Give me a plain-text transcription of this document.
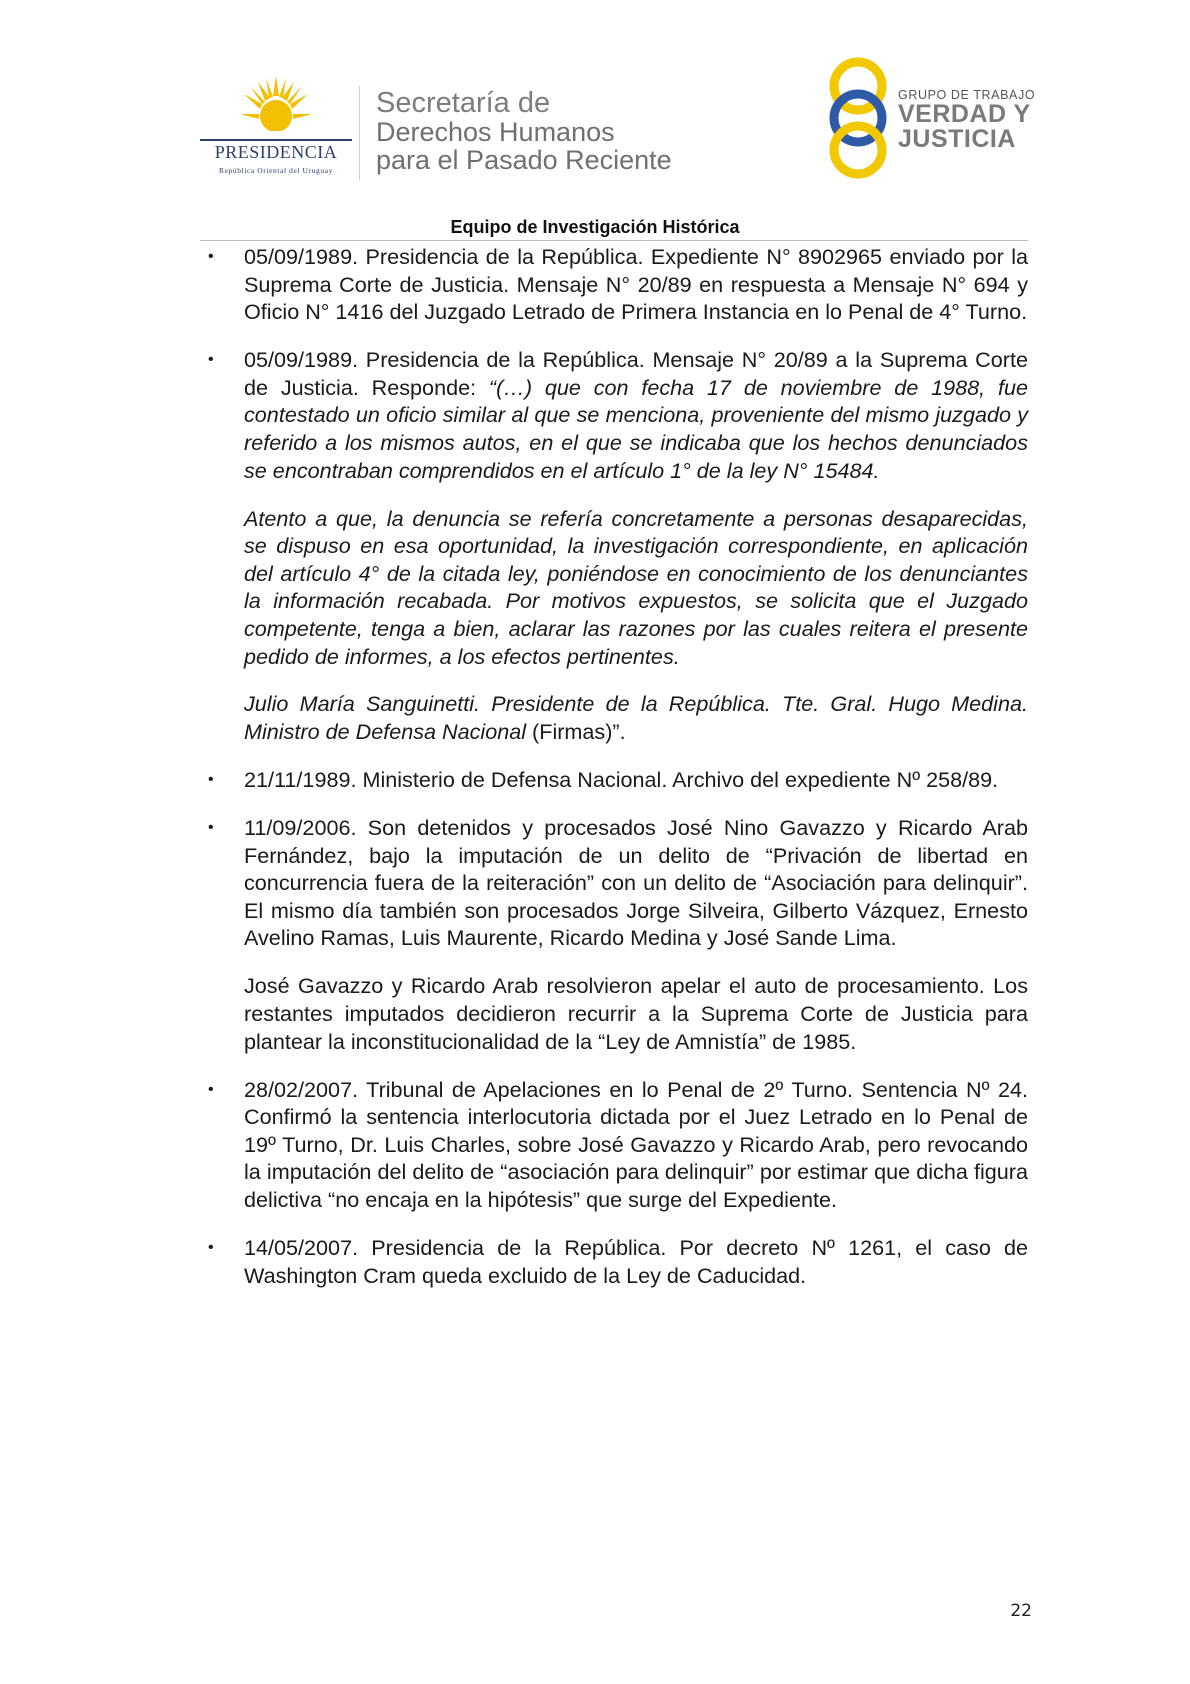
PRESIDENCIA
República Oriental del Uruguay
Secretaría de
Derechos Humanos
para el Pasado Reciente
GRUPO DE TRABAJO
VERDAD Y
JUSTICIA
Equipo de Investigación Histórica
• 05/09/1989. Presidencia de la República. Expediente N° 8902965 enviado por la Suprema Corte de Justicia. Mensaje N° 20/89 en respuesta a Mensaje N° 694 y Oficio N° 1416 del Juzgado Letrado de Primera Instancia en lo Penal de 4° Turno.

• 05/09/1989. Presidencia de la República. Mensaje N° 20/89 a la Suprema Corte de Justicia. Responde: “(…) que con fecha 17 de noviembre de 1988, fue contestado un oficio similar al que se menciona, proveniente del mismo juzgado y referido a los mismos autos, en el que se indicaba que los hechos denunciados se encontraban comprendidos en el artículo 1° de la ley N° 15484.

Atento a que, la denuncia se refería concretamente a personas desaparecidas, se dispuso en esa oportunidad, la investigación correspondiente, en aplicación del artículo 4° de la citada ley, poniéndose en conocimiento de los denunciantes la información recabada. Por motivos expuestos, se solicita que el Juzgado competente, tenga a bien, aclarar las razones por las cuales reitera el presente pedido de informes, a los efectos pertinentes.

Julio María Sanguinetti. Presidente de la República. Tte. Gral. Hugo Medina. Ministro de Defensa Nacional (Firmas)”.

• 21/11/1989. Ministerio de Defensa Nacional. Archivo del expediente Nº 258/89.

• 11/09/2006. Son detenidos y procesados José Nino Gavazzo y Ricardo Arab Fernández, bajo la imputación de un delito de “Privación de libertad en concurrencia fuera de la reiteración” con un delito de “Asociación para delinquir”. El mismo día también son procesados Jorge Silveira, Gilberto Vázquez, Ernesto Avelino Ramas, Luis Maurente, Ricardo Medina y José Sande Lima.

José Gavazzo y Ricardo Arab resolvieron apelar el auto de procesamiento. Los restantes imputados decidieron recurrir a la Suprema Corte de Justicia para plantear la inconstitucionalidad de la “Ley de Amnistía” de 1985.

• 28/02/2007. Tribunal de Apelaciones en lo Penal de 2º Turno. Sentencia Nº 24. Confirmó la sentencia interlocutoria dictada por el Juez Letrado en lo Penal de 19º Turno, Dr. Luis Charles, sobre José Gavazzo y Ricardo Arab, pero revocando la imputación del delito de “asociación para delinquir” por estimar que dicha figura delictiva “no encaja en la hipótesis” que surge del Expediente.

• 14/05/2007. Presidencia de la República. Por decreto Nº 1261, el caso de Washington Cram queda excluido de la Ley de Caducidad.

22
